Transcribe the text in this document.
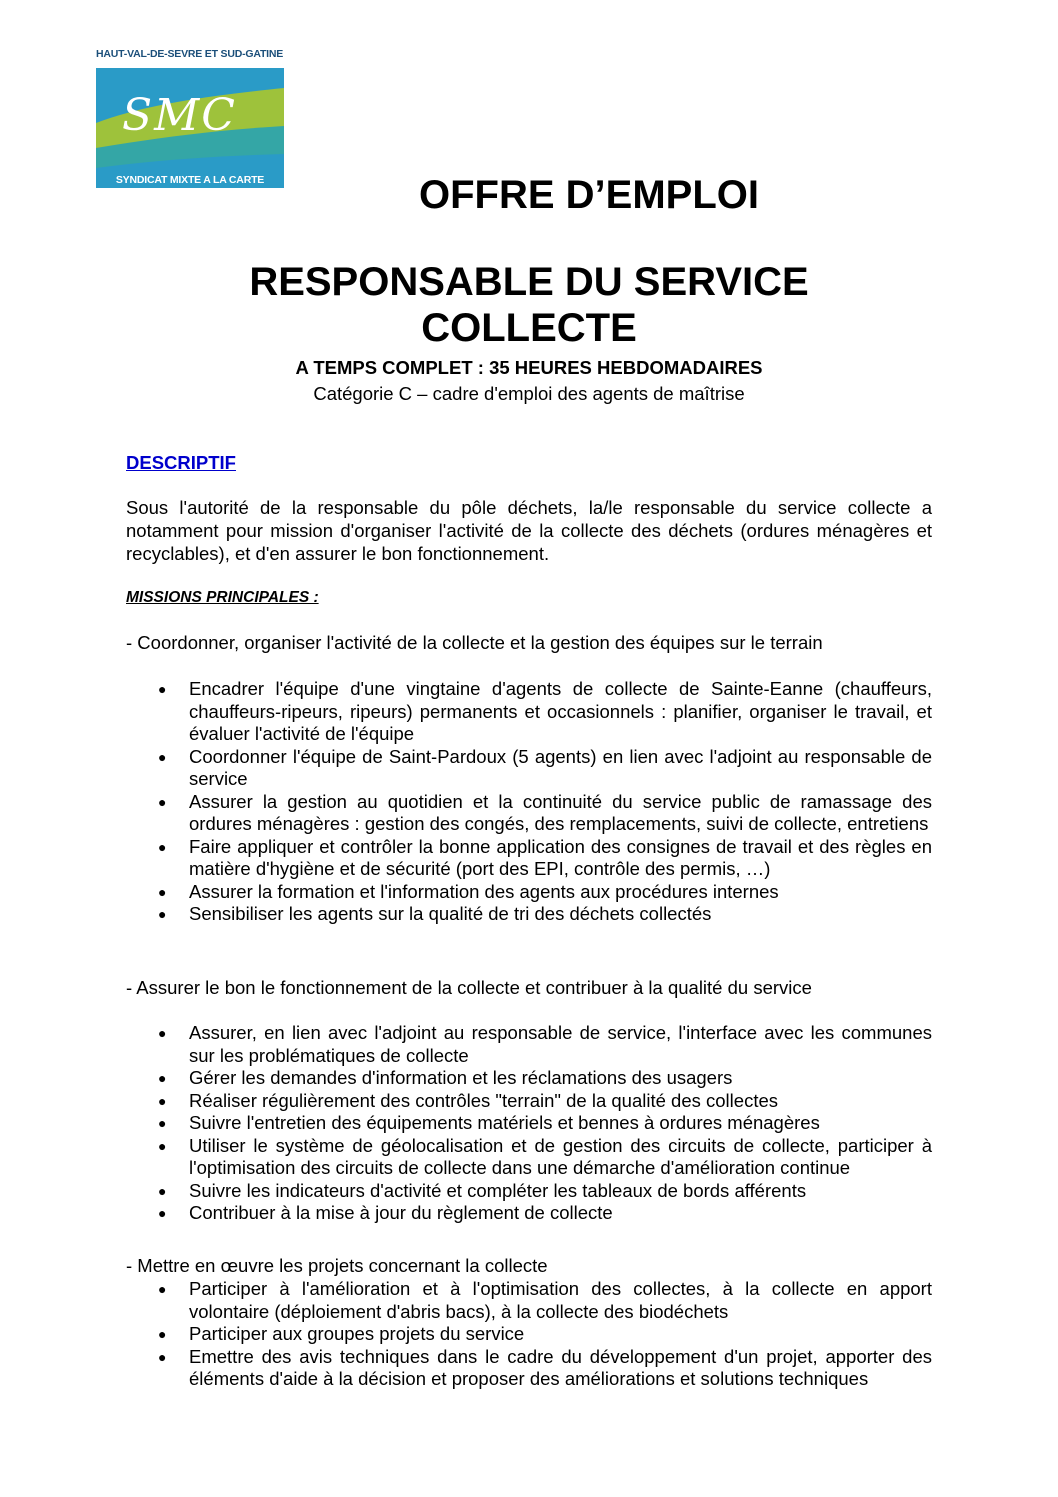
HAUT-VAL-DE-SEVRE ET SUD-GATINE
SMC
SYNDICAT MIXTE A LA CARTE	OFFRE D’EMPLOI
RESPONSABLE DU SERVICE
COLLECTE
A TEMPS COMPLET : 35 HEURES HEBDOMADAIRES
Catégorie C – cadre d'emploi des agents de maîtrise
DESCRIPTIF
Sous l'autorité de la responsable du pôle déchets, la/le responsable du service collecte a notamment pour mission d'organiser l'activité de la collecte des déchets (ordures ménagères et recyclables), et d'en assurer le bon fonctionnement.
MISSIONS PRINCIPALES :
- Coordonner, organiser l'activité de la collecte et la gestion des équipes sur le terrain
● Encadrer l'équipe d'une vingtaine d'agents de collecte de Sainte-Eanne (chauffeurs, chauffeurs-ripeurs, ripeurs) permanents et occasionnels : planifier, organiser le travail, et évaluer l'activité de l'équipe
● Coordonner l'équipe de Saint-Pardoux (5 agents) en lien avec l'adjoint au responsable de service
● Assurer la gestion au quotidien et la continuité du service public de ramassage des ordures ménagères : gestion des congés, des remplacements, suivi de collecte, entretiens
● Faire appliquer et contrôler la bonne application des consignes de travail et des règles en matière d'hygiène et de sécurité (port des EPI, contrôle des permis, …)
● Assurer la formation et l'information des agents aux procédures internes
● Sensibiliser les agents sur la qualité de tri des déchets collectés
- Assurer le bon le fonctionnement de la collecte et contribuer à la qualité du service
● Assurer, en lien avec l'adjoint au responsable de service, l'interface avec les communes sur les problématiques de collecte
● Gérer les demandes d'information et les réclamations des usagers
● Réaliser régulièrement des contrôles "terrain" de la qualité des collectes
● Suivre l'entretien des équipements matériels et bennes à ordures ménagères
● Utiliser le système de géolocalisation et de gestion des circuits de collecte, participer à l'optimisation des circuits de collecte dans une démarche d'amélioration continue
● Suivre les indicateurs d'activité et compléter les tableaux de bords afférents
● Contribuer à la mise à jour du règlement de collecte
- Mettre en œuvre les projets concernant la collecte
● Participer à l'amélioration et à l'optimisation des collectes, à la collecte en apport volontaire (déploiement d'abris bacs), à la collecte des biodéchets
● Participer aux groupes projets du service
● Emettre des avis techniques dans le cadre du développement d'un projet, apporter des éléments d'aide à la décision et proposer des améliorations et solutions techniques
